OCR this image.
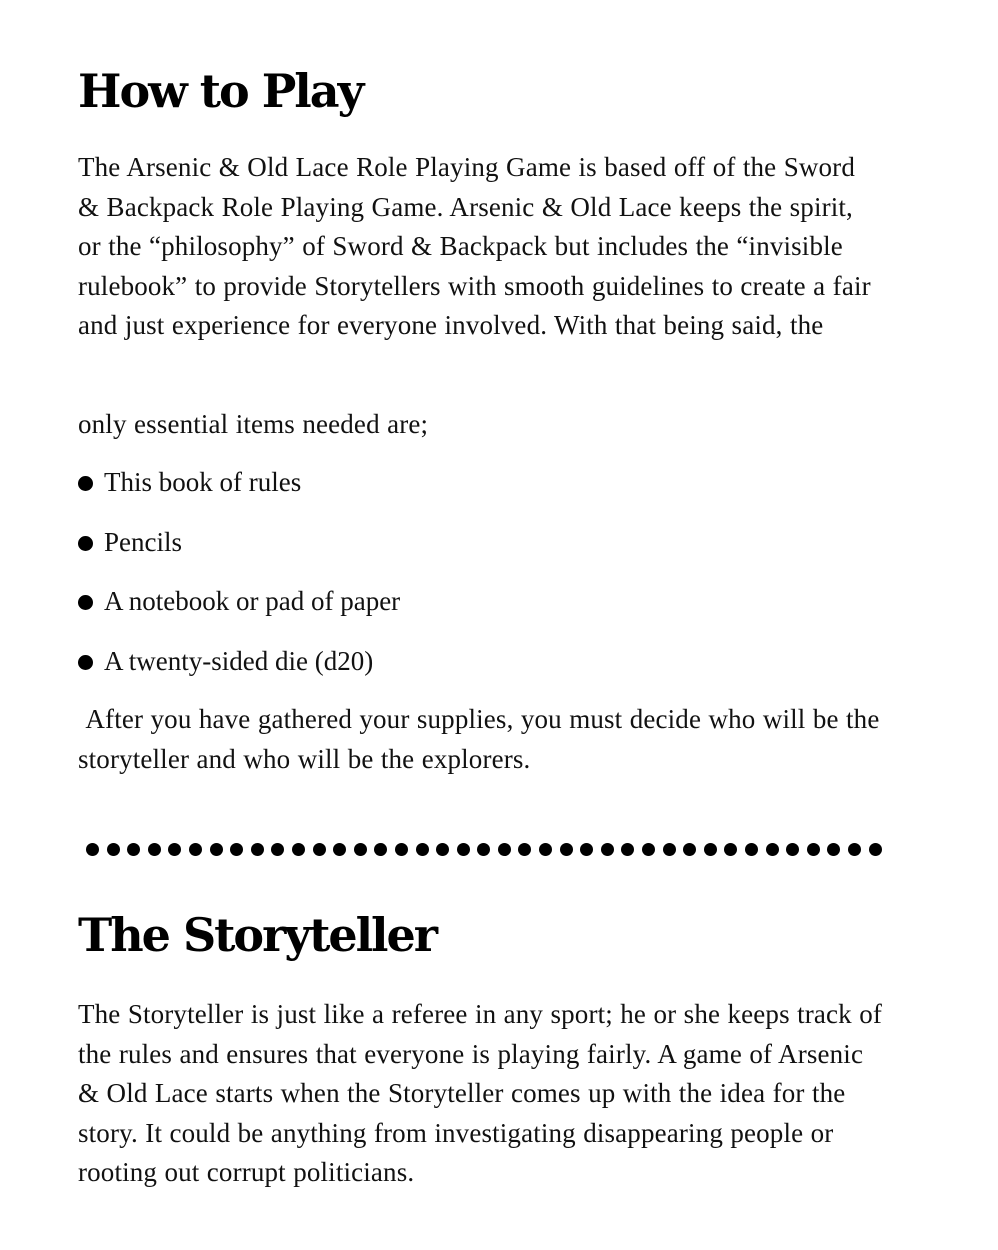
How to Play

The Arsenic & Old Lace Role Playing Game is based off of the Sword & Backpack Role Playing Game. Arsenic & Old Lace keeps the spirit, or the “philosophy” of Sword & Backpack but includes the “invisible rulebook” to provide Storytellers with smooth guidelines to create a fair and just experience for everyone involved. With that being said, the

only essential items needed are;

This book of rules
Pencils
A notebook or pad of paper
A twenty-sided die (d20)

After you have gathered your supplies, you must decide who will be the storyteller and who will be the explorers.

The Storyteller

The Storyteller is just like a referee in any sport; he or she keeps track of the rules and ensures that everyone is playing fairly. A game of Arsenic & Old Lace starts when the Storyteller comes up with the idea for the story. It could be anything from investigating disappearing people or rooting out corrupt politicians.
